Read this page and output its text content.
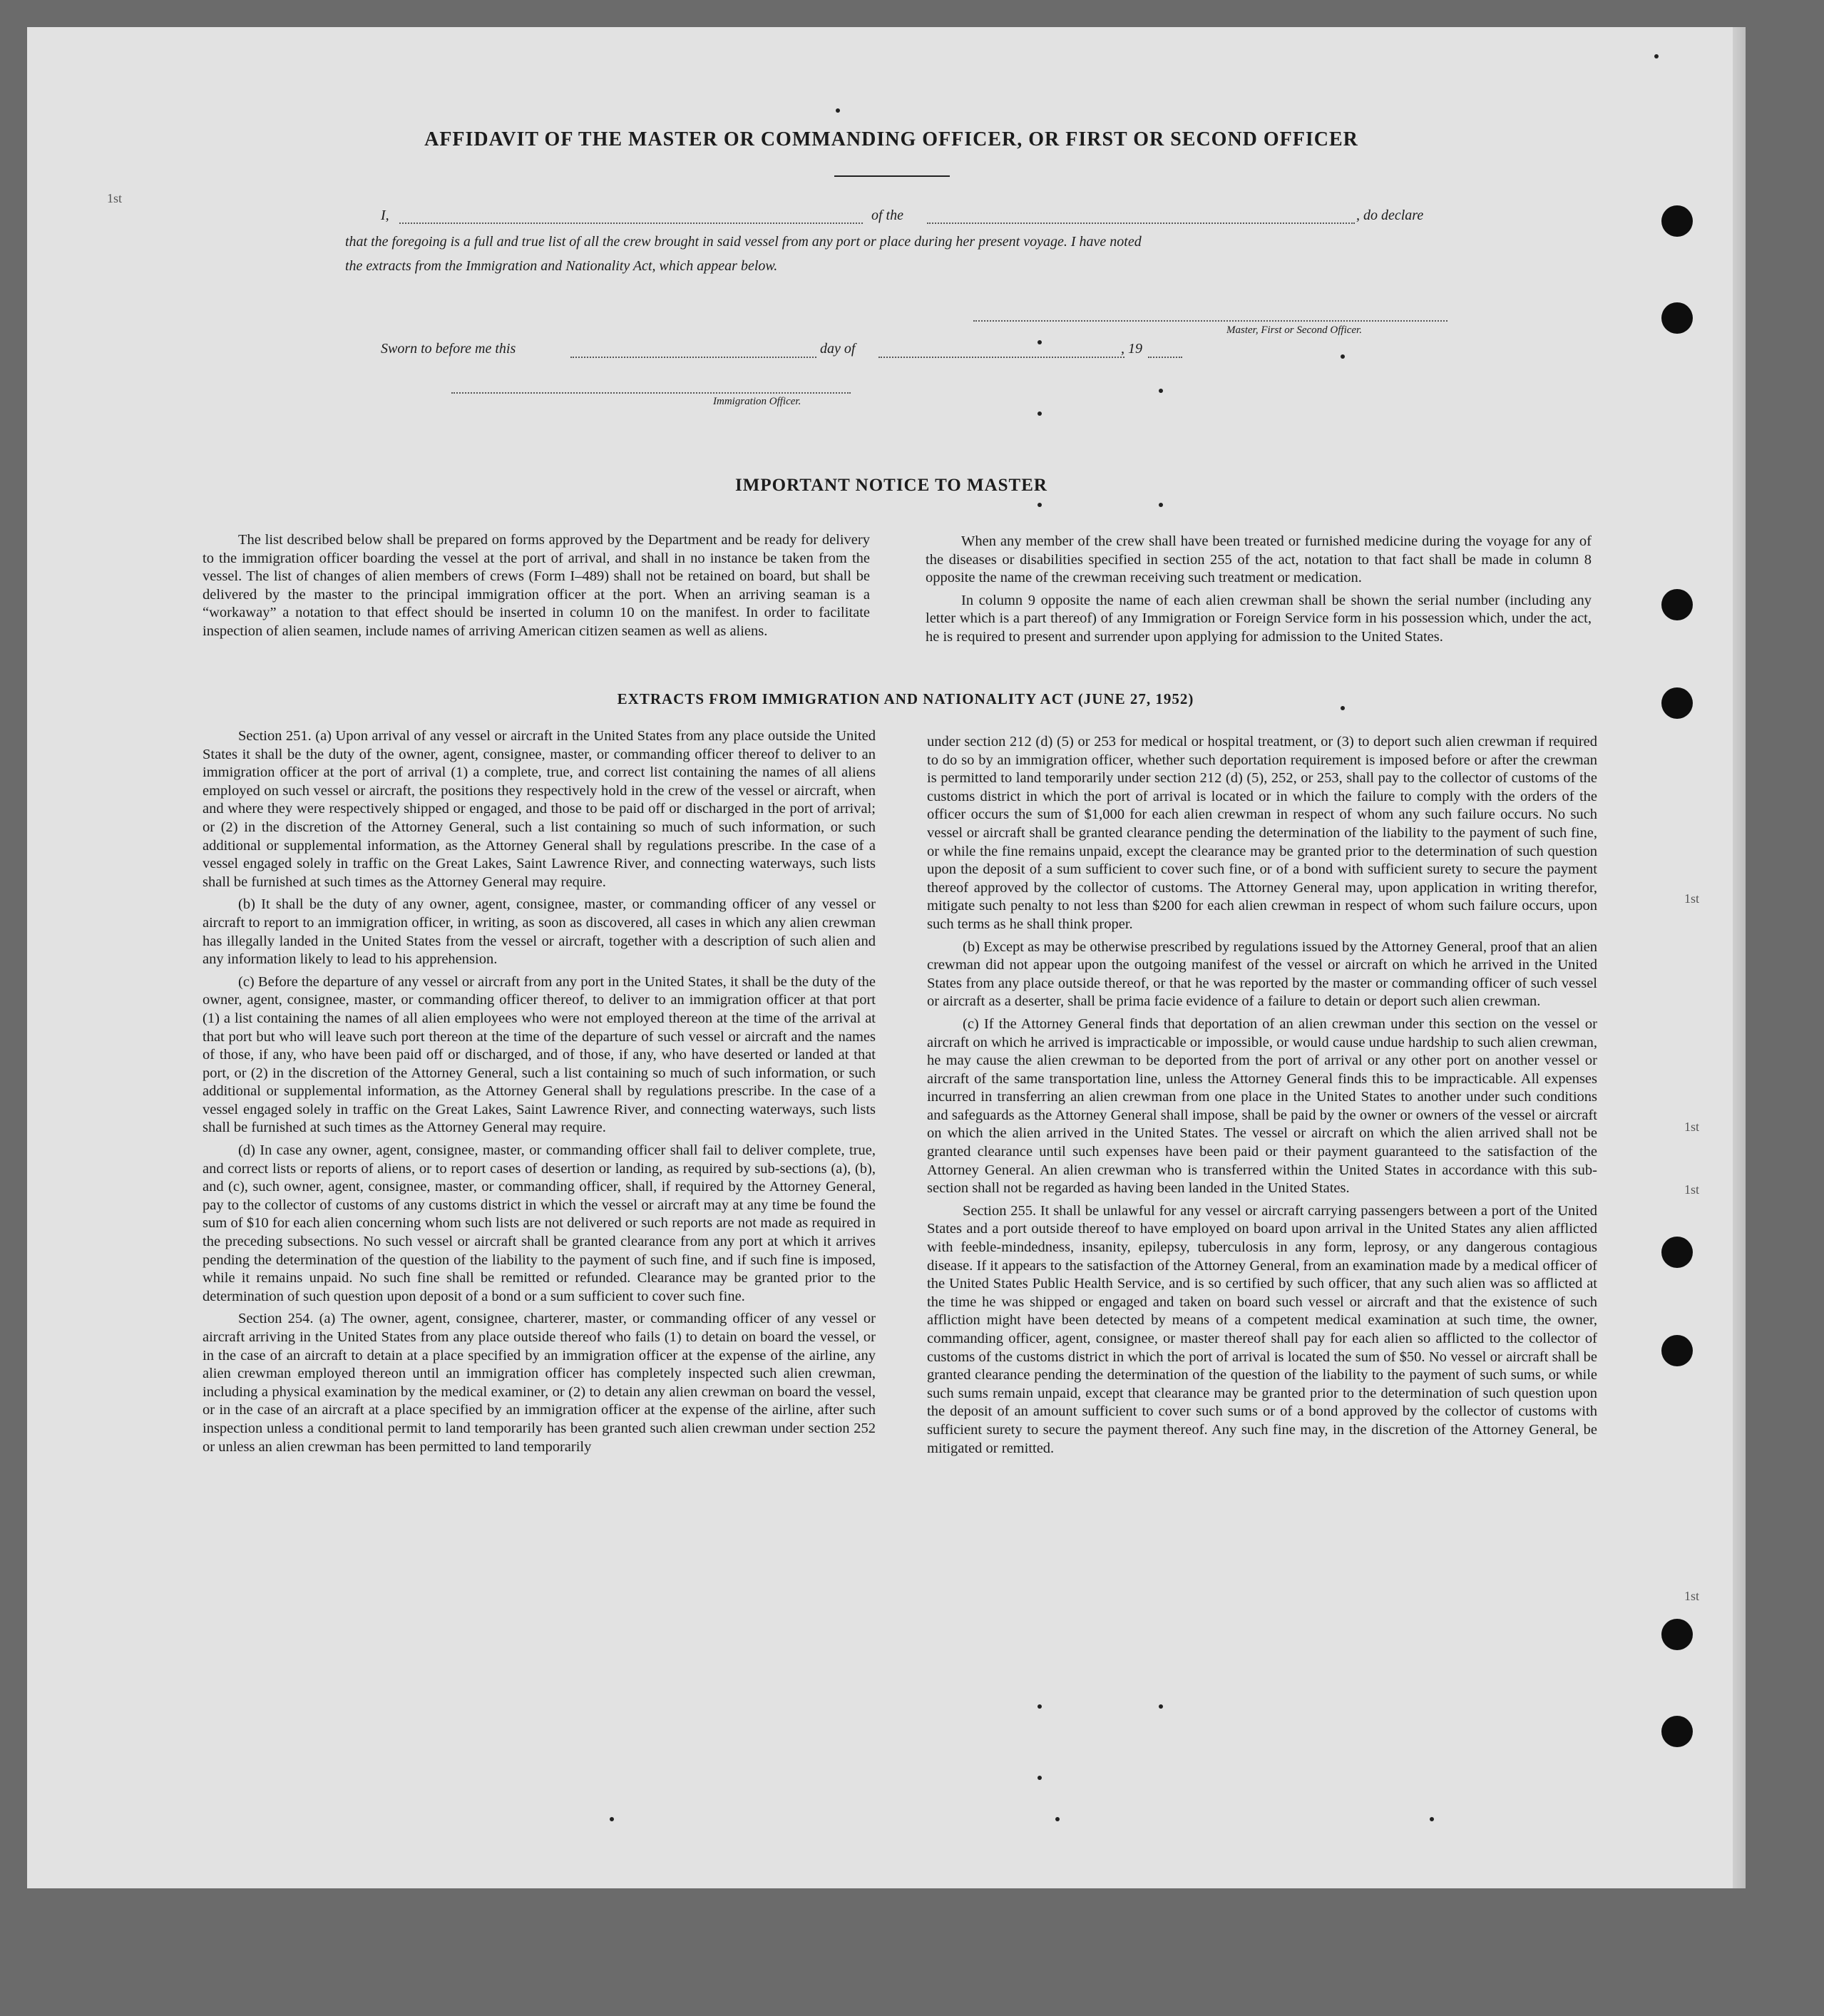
AFFIDAVIT OF THE MASTER OR COMMANDING OFFICER, OR FIRST OR SECOND OFFICER
I,	of the	, do declare
that the foregoing is a full and true list of all the crew brought in said vessel from any port or place during her present voyage. I have noted
the extracts from the Immigration and Nationality Act, which appear below.
Master, First or Second Officer.
Sworn to before me this	day of	, 19
Immigration Officer.
IMPORTANT NOTICE TO MASTER

The list described below shall be prepared on forms approved by the Department and be ready for delivery to the immigration officer boarding the vessel at the port of arrival, and shall in no instance be taken from the vessel. The list of changes of alien members of crews (Form I–489) shall not be retained on board, but shall be delivered by the master to the principal immigration officer at the port. When an arriving seaman is a “workaway” a notation to that effect should be inserted in column 10 on the manifest. In order to facilitate inspection of alien seamen, include names of arriving American citizen seamen as well as aliens.

When any member of the crew shall have been treated or furnished medicine during the voyage for any of the diseases or disabilities specified in section 255 of the act, notation to that fact shall be made in column 8 opposite the name of the crewman receiving such treatment or medication.

In column 9 opposite the name of each alien crewman shall be shown the serial number (including any letter which is a part thereof) of any Immigration or Foreign Service form in his possession which, under the act, he is required to present and surrender upon applying for admission to the United States.

EXTRACTS FROM IMMIGRATION AND NATIONALITY ACT (JUNE 27, 1952)

Section 251. (a) Upon arrival of any vessel or aircraft in the United States from any place outside the United States it shall be the duty of the owner, agent, consignee, master, or commanding officer thereof to deliver to an immigration officer at the port of arrival (1) a complete, true, and correct list containing the names of all aliens employed on such vessel or aircraft, the positions they respectively hold in the crew of the vessel or aircraft, when and where they were respectively shipped or engaged, and those to be paid off or discharged in the port of arrival; or (2) in the discretion of the Attorney General, such a list containing so much of such information, or such additional or supplemental information, as the Attorney General shall by regulations prescribe. In the case of a vessel engaged solely in traffic on the Great Lakes, Saint Lawrence River, and connecting waterways, such lists shall be furnished at such times as the Attorney General may require.

(b) It shall be the duty of any owner, agent, consignee, master, or commanding officer of any vessel or aircraft to report to an immigration officer, in writing, as soon as discovered, all cases in which any alien crewman has illegally landed in the United States from the vessel or aircraft, together with a description of such alien and any information likely to lead to his apprehension.

(c) Before the departure of any vessel or aircraft from any port in the United States, it shall be the duty of the owner, agent, consignee, master, or commanding officer thereof, to deliver to an immigration officer at that port (1) a list containing the names of all alien employees who were not employed thereon at the time of the arrival at that port but who will leave such port thereon at the time of the departure of such vessel or aircraft and the names of those, if any, who have been paid off or discharged, and of those, if any, who have deserted or landed at that port, or (2) in the discretion of the Attorney General, such a list containing so much of such information, or such additional or supplemental information, as the Attorney General shall by regulations prescribe. In the case of a vessel engaged solely in traffic on the Great Lakes, Saint Lawrence River, and connecting waterways, such lists shall be furnished at such times as the Attorney General may require.

(d) In case any owner, agent, consignee, master, or commanding officer shall fail to deliver complete, true, and correct lists or reports of aliens, or to report cases of desertion or landing, as required by sub-sections (a), (b), and (c), such owner, agent, consignee, master, or commanding officer, shall, if required by the Attorney General, pay to the collector of customs of any customs district in which the vessel or aircraft may at any time be found the sum of $10 for each alien concerning whom such lists are not delivered or such reports are not made as required in the preceding subsections. No such vessel or aircraft shall be granted clearance from any port at which it arrives pending the determination of the question of the liability to the payment of such fine, and if such fine is imposed, while it remains unpaid. No such fine shall be remitted or refunded. Clearance may be granted prior to the determination of such question upon deposit of a bond or a sum sufficient to cover such fine.

Section 254. (a) The owner, agent, consignee, charterer, master, or commanding officer of any vessel or aircraft arriving in the United States from any place outside thereof who fails (1) to detain on board the vessel, or in the case of an aircraft to detain at a place specified by an immigration officer at the expense of the airline, any alien crewman employed thereon until an immigration officer has completely inspected such alien crewman, including a physical examination by the medical examiner, or (2) to detain any alien crewman on board the vessel, or in the case of an aircraft at a place specified by an immigration officer at the expense of the airline, after such inspection unless a conditional permit to land temporarily has been granted such alien crewman under section 252 or unless an alien crewman has been permitted to land temporarily

under section 212 (d) (5) or 253 for medical or hospital treatment, or (3) to deport such alien crewman if required to do so by an immigration officer, whether such deportation requirement is imposed before or after the crewman is permitted to land temporarily under section 212 (d) (5), 252, or 253, shall pay to the collector of customs of the customs district in which the port of arrival is located or in which the failure to comply with the orders of the officer occurs the sum of $1,000 for each alien crewman in respect of whom any such failure occurs. No such vessel or aircraft shall be granted clearance pending the determination of the liability to the payment of such fine, or while the fine remains unpaid, except the clearance may be granted prior to the determination of such question upon the deposit of a sum sufficient to cover such fine, or of a bond with sufficient surety to secure the payment thereof approved by the collector of customs. The Attorney General may, upon application in writing therefor, mitigate such penalty to not less than $200 for each alien crewman in respect of whom such failure occurs, upon such terms as he shall think proper.

(b) Except as may be otherwise prescribed by regulations issued by the Attorney General, proof that an alien crewman did not appear upon the outgoing manifest of the vessel or aircraft on which he arrived in the United States from any place outside thereof, or that he was reported by the master or commanding officer of such vessel or aircraft as a deserter, shall be prima facie evidence of a failure to detain or deport such alien crewman.

(c) If the Attorney General finds that deportation of an alien crewman under this section on the vessel or aircraft on which he arrived is impracticable or impossible, or would cause undue hardship to such alien crewman, he may cause the alien crewman to be deported from the port of arrival or any other port on another vessel or aircraft of the same transportation line, unless the Attorney General finds this to be impracticable. All expenses incurred in transferring an alien crewman from one place in the United States to another under such conditions and safeguards as the Attorney General shall impose, shall be paid by the owner or owners of the vessel or aircraft on which the alien arrived in the United States. The vessel or aircraft on which the alien arrived shall not be granted clearance until such expenses have been paid or their payment guaranteed to the satisfaction of the Attorney General. An alien crewman who is transferred within the United States in accordance with this sub-section shall not be regarded as having been landed in the United States.

Section 255. It shall be unlawful for any vessel or aircraft carrying passengers between a port of the United States and a port outside thereof to have employed on board upon arrival in the United States any alien afflicted with feeble-mindedness, insanity, epilepsy, tuberculosis in any form, leprosy, or any dangerous contagious disease. If it appears to the satisfaction of the Attorney General, from an examination made by a medical officer of the United States Public Health Service, and is so certified by such officer, that any such alien was so afflicted at the time he was shipped or engaged and taken on board such vessel or aircraft and that the existence of such affliction might have been detected by means of a competent medical examination at such time, the owner, commanding officer, agent, consignee, or master thereof shall pay for each alien so afflicted to the collector of customs of the customs district in which the port of arrival is located the sum of $50. No vessel or aircraft shall be granted clearance pending the determination of the question of the liability to the payment of such sums, or while such sums remain unpaid, except that clearance may be granted prior to the determination of such question upon the deposit of an amount sufficient to cover such sums or of a bond approved by the collector of customs with sufficient surety to secure the payment thereof. Any such fine may, in the discretion of the Attorney General, be mitigated or remitted.

1st
1st
1st
1st
1st
